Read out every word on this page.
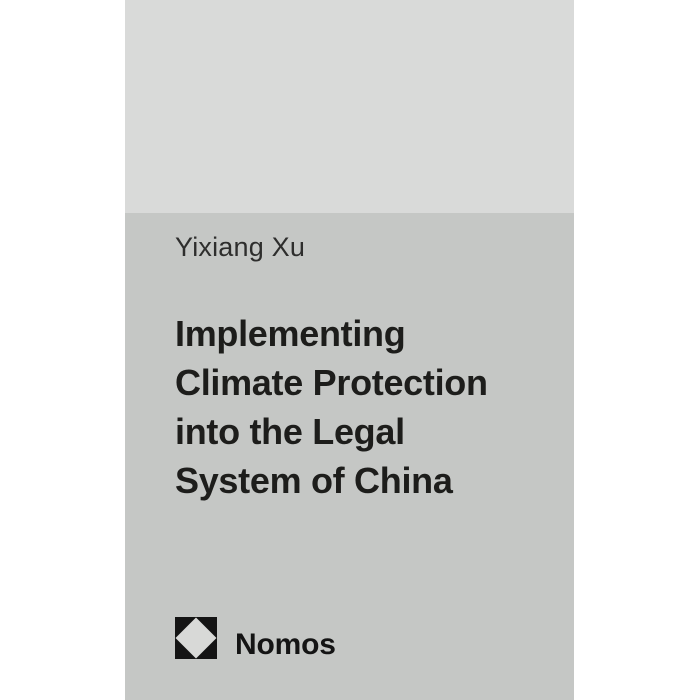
Yixiang Xu
Implementing
Climate Protection
into the Legal
System of China
Nomos
